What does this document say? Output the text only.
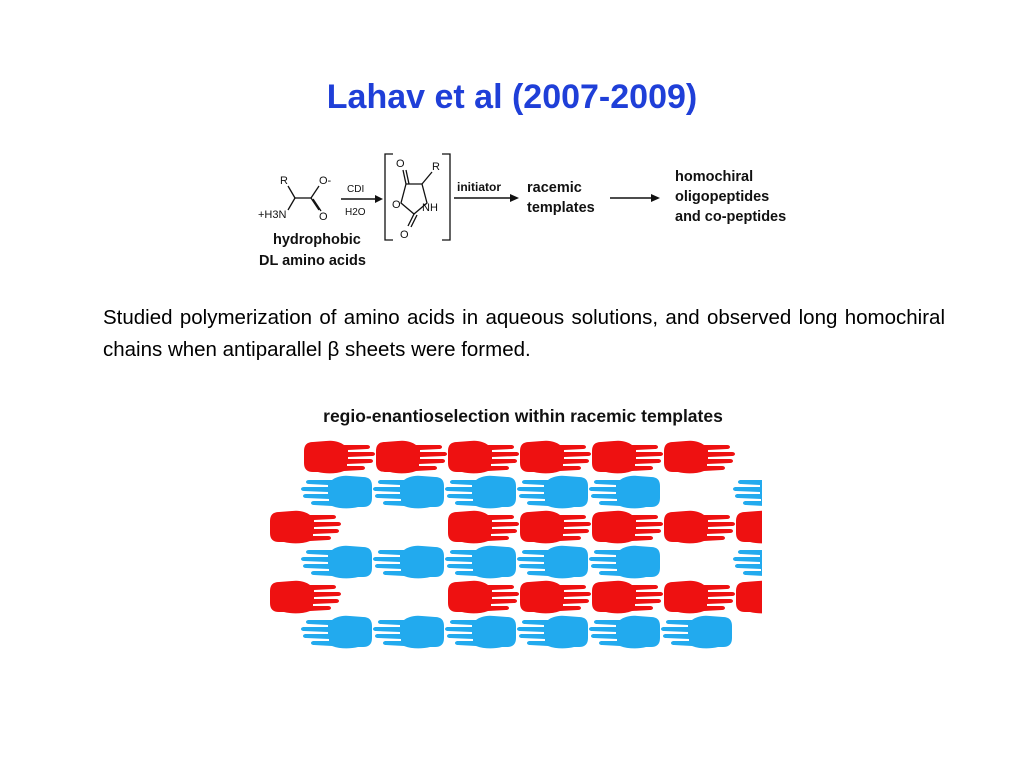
Lahav et al (2007-2009)
R	O-
O
+H3N
CDI
H2O
O R
O NH
O
hydrophobic
DL amino acids
initiator racemic
templates
homochiral
oligopeptides
and co-peptides
Studied polymerization of amino acids in aqueous solutions, and observed long homochiral chains when antiparallel β sheets were formed.
regio-enantioselection within racemic templates
